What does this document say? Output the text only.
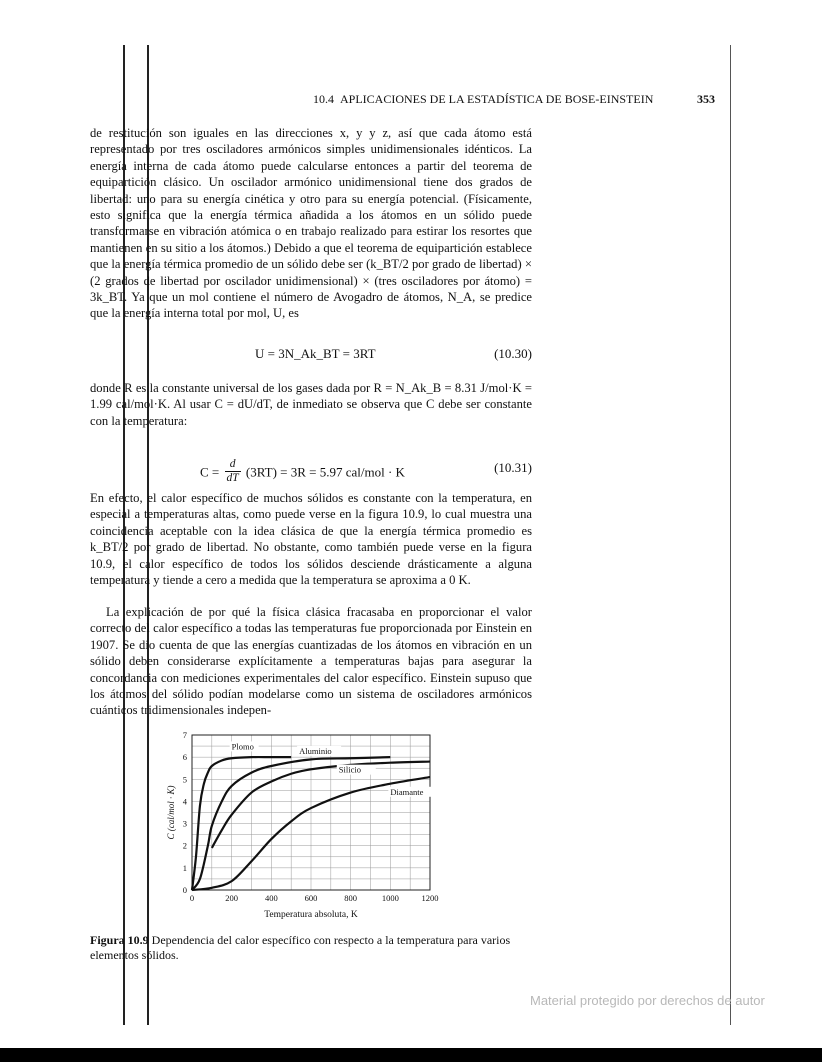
10.4 APLICACIONES DE LA ESTADÍSTICA DE BOSE-EINSTEIN	353
de restitución son iguales en las direcciones x, y y z, así que cada átomo está representado por tres osciladores armónicos simples unidimensionales idénticos. La energía interna de cada átomo puede calcularse entonces a partir del teorema de equipartición clásico. Un oscilador armónico unidimensional tiene dos grados de libertad: uno para su energía cinética y otro para su energía potencial. (Físicamente, esto significa que la energía térmica añadida a los átomos en un sólido puede transformarse en vibración atómica o en trabajo realizado para estirar los resortes que mantienen en su sitio a los átomos.) Debido a que el teorema de equipartición establece que la energía térmica promedio de un sólido debe ser (k_BT/2 por grado de libertad) × (2 grados de libertad por oscilador unidimensional) × (tres osciladores por átomo) = 3k_BT. Ya que un mol contiene el número de Avogadro de átomos, N_A, se predice que la energía interna total por mol, U, es
U = 3N_Ak_BT = 3RT	(10.30)
donde R es la constante universal de los gases dada por R = N_Ak_B = 8.31 J/mol·K = 1.99 cal/mol·K. Al usar C = dU/dT, de inmediato se observa que C debe ser constante con la temperatura:
$C = \frac{d}{dT} (3RT) = 3R = 5.97$ cal/mol · K	(10.31)
En efecto, el calor específico de muchos sólidos es constante con la temperatura, en especial a temperaturas altas, como puede verse en la figura 10.9, lo cual muestra una coincidencia aceptable con la idea clásica de que la energía térmica promedio es k_BT/2 por grado de libertad. No obstante, como también puede verse en la figura 10.9, el calor específico de todos los sólidos desciende drásticamente a alguna temperatura y tiende a cero a medida que la temperatura se aproxima a 0 K.
La explicación de por qué la física clásica fracasaba en proporcionar el valor correcto del calor específico a todas las temperaturas fue proporcionada por Einstein en 1907. Se dio cuenta de que las energías cuantizadas de los átomos en vibración en un sólido deben considerarse explícitamente a temperaturas bajas para asegurar la concordancia con mediciones experimentales del calor específico. Einstein supuso que los átomos del sólido podían modelarse como un sistema de osciladores armónicos cuánticos tridimensionales indepen-
0	200	400	600	800	1000	1200
0
1
2
3
4
5
6
7
Temperatura absoluta, K
C (cal/mol · K)
Plomo	Aluminio
Silicio
Diamante
Figura 10.9 Dependencia del calor específico con respecto a la temperatura para varios elementos sólidos.
Material protegido por derechos de autor
